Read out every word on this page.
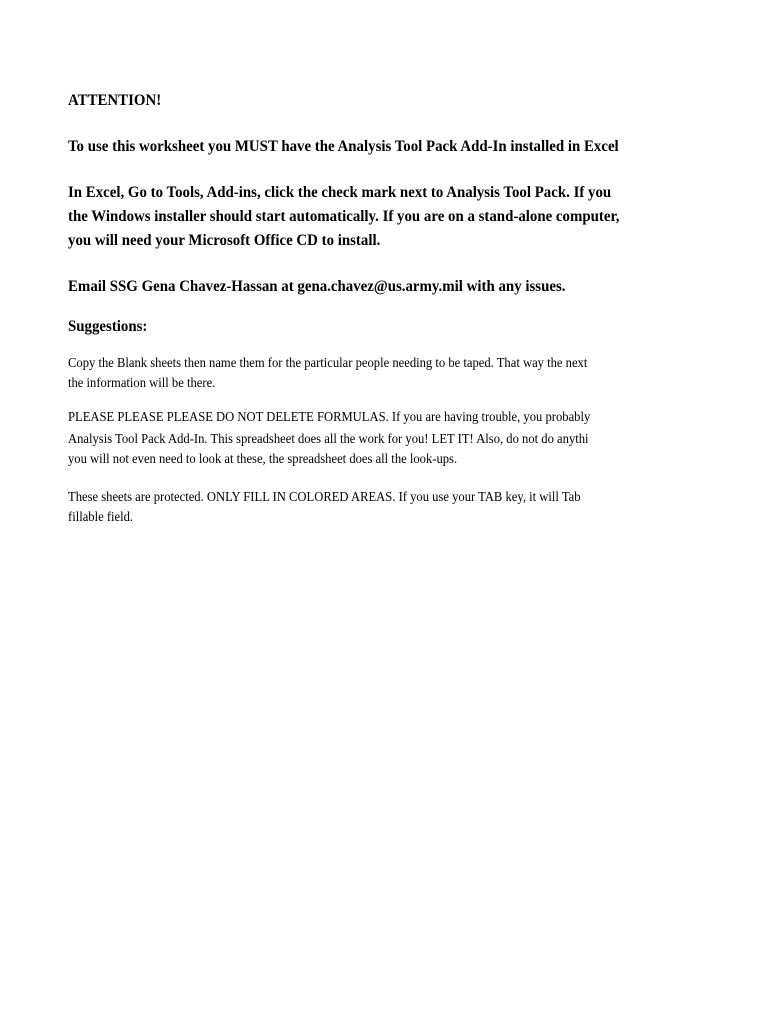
ATTENTION!
To use this worksheet you MUST have the Analysis Tool Pack Add-In installed in Excel
In Excel, Go to Tools, Add-ins, click the check mark next to Analysis Tool Pack. If you
the Windows installer should start automatically. If you are on a stand-alone computer,
you will need your Microsoft Office CD to install.
Email SSG Gena Chavez-Hassan at gena.chavez@us.army.mil with any issues.
Suggestions:
Copy the Blank sheets then name them for the particular people needing to be taped. That way the next
the information will be there.
PLEASE PLEASE PLEASE DO NOT DELETE FORMULAS. If you are having trouble, you probably
Analysis Tool Pack Add-In. This spreadsheet does all the work for you! LET IT! Also, do not do anythi
you will not even need to look at these, the spreadsheet does all the look-ups.
These sheets are protected. ONLY FILL IN COLORED AREAS. If you use your TAB key, it will Tab
fillable field.
